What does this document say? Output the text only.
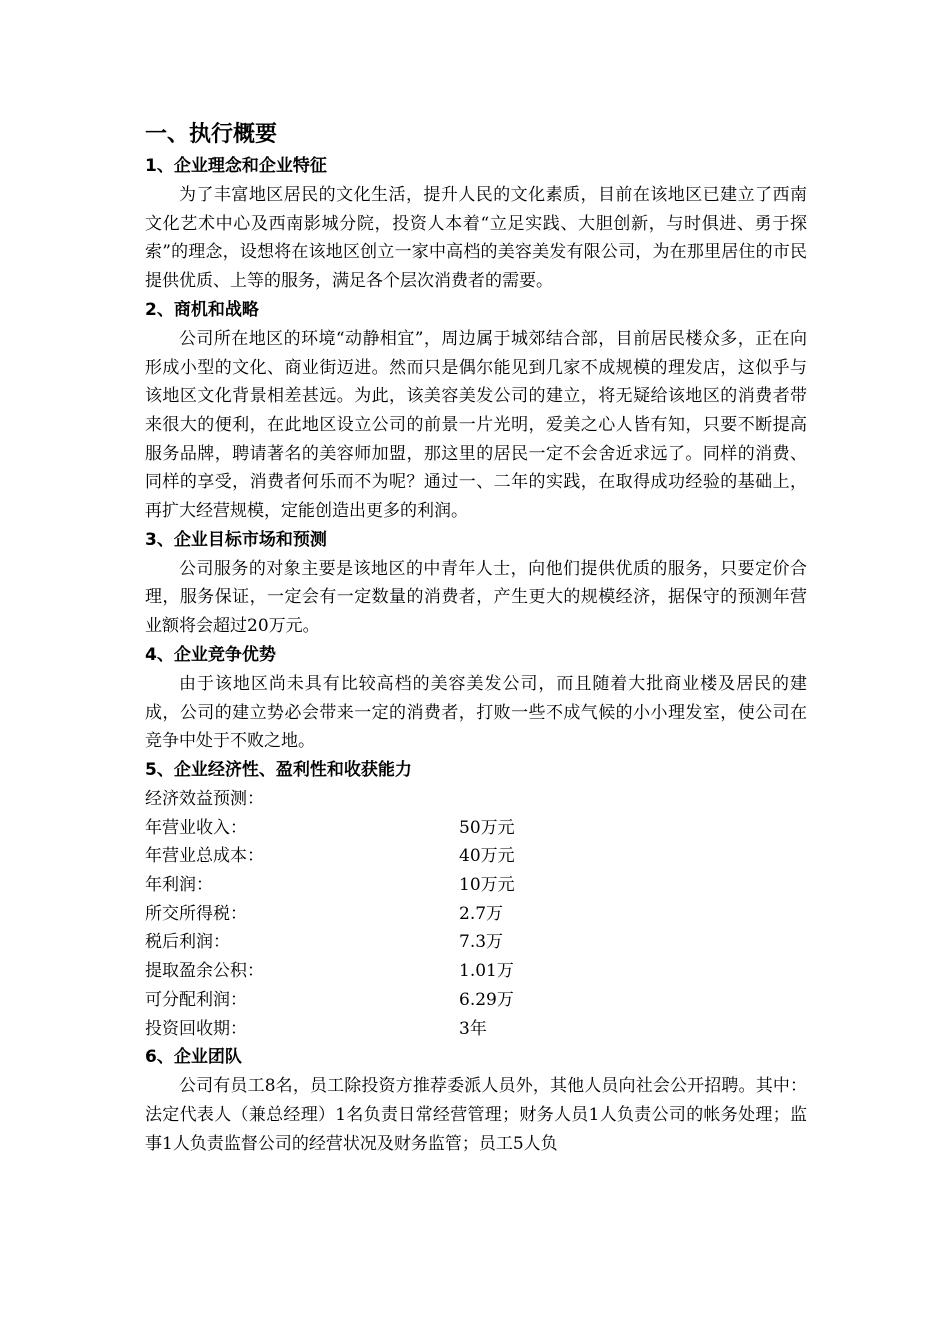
一、执行概要
1、企业理念和企业特征

为了丰富地区居民的文化生活，提升人民的文化素质，目前在该地区已建立了西南文化艺术中心及西南影城分院，投资人本着“立足实践、大胆创新，与时俱进、勇于探索”的理念，设想将在该地区创立一家中高档的美容美发有限公司，为在那里居住的市民提供优质、上等的服务，满足各个层次消费者的需要。

2、商机和战略

公司所在地区的环境“动静相宜”，周边属于城郊结合部，目前居民楼众多，正在向形成小型的文化、商业街迈进。然而只是偶尔能见到几家不成规模的理发店，这似乎与该地区文化背景相差甚远。为此，该美容美发公司的建立，将无疑给该地区的消费者带来很大的便利，在此地区设立公司的前景一片光明，爱美之心人皆有知，只要不断提高服务品牌，聘请著名的美容师加盟，那这里的居民一定不会舍近求远了。同样的消费、同样的享受，消费者何乐而不为呢？通过一、二年的实践，在取得成功经验的基础上，再扩大经营规模，定能创造出更多的利润。

3、企业目标市场和预测

公司服务的对象主要是该地区的中青年人士，向他们提供优质的服务，只要定价合理，服务保证，一定会有一定数量的消费者，产生更大的规模经济，据保守的预测年营业额将会超过20万元。

4、企业竞争优势

由于该地区尚未具有比较高档的美容美发公司，而且随着大批商业楼及居民的建成，公司的建立势必会带来一定的消费者，打败一些不成气候的小小理发室，使公司在竞争中处于不败之地。

5、企业经济性、盈利性和收获能力
经济效益预测：
年营业收入：	50万元
年营业总成本：	40万元
年利润：	10万元
所交所得税：	2.7万
税后利润：	7.3万
提取盈余公积：	1.01万
可分配利润：	6.29万
投资回收期：	3年
6、企业团队

公司有员工8名，员工除投资方推荐委派人员外，其他人员向社会公开招聘。其中：法定代表人（兼总经理）1名负责日常经营管理；财务人员1人负责公司的帐务处理；监事1人负责监督公司的经营状况及财务监管；员工5人负
